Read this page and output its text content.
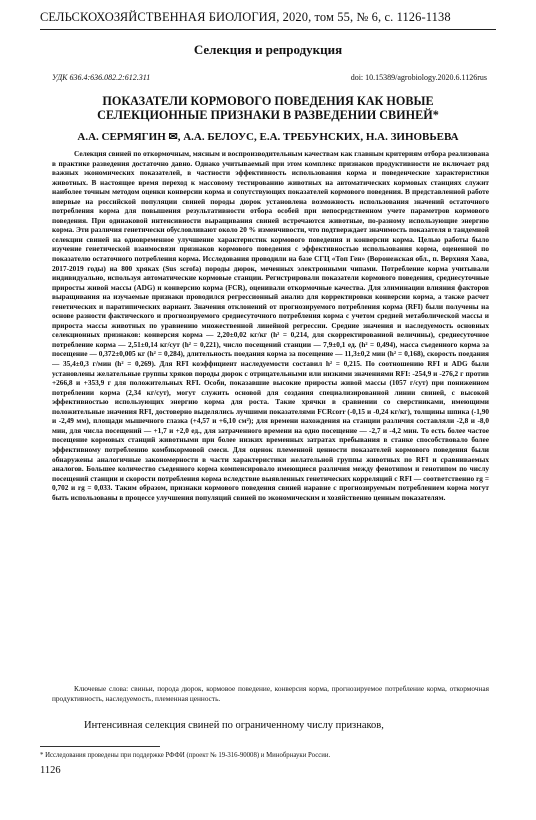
СЕЛЬСКОХОЗЯЙСТВЕННАЯ БИОЛОГИЯ, 2020, том 55, № 6, с. 1126-1138
Селекция и репродукция
УДК 636.4:636.082.2:612.311	doi: 10.15389/agrobiology.2020.6.1126rus
ПОКАЗАТЕЛИ КОРМОВОГО ПОВЕДЕНИЯ КАК НОВЫЕ СЕЛЕКЦИОННЫЕ ПРИЗНАКИ В РАЗВЕДЕНИИ СВИНЕЙ*
А.А. СЕРМЯГИН ✉, А.А. БЕЛОУС, Е.А. ТРЕБУНСКИХ, Н.А. ЗИНОВЬЕВА

Селекция свиней по откормочным, мясным и воспроизводительным качествам как главным критериям отбора реализована в практике разведения достаточно давно. Однако учитываемый при этом комплекс признаков продуктивности не включает ряд важных экономических показателей, в частности эффективность использования корма и поведенческие характеристики животных. В настоящее время переход к массовому тестированию животных на автоматических кормовых станциях служит наиболее точным методом оценки конверсии корма и сопутствующих показателей кормового поведения. В представленной работе впервые на российской популяции свиней породы дюрок установлена возможность использования значений остаточного потребления корма для повышения результативности отбора особей при непосредственном учете параметров кормового поведения. При одинаковой интенсивности выращивания свиней встречаются животные, по-разному использующие энергию корма. Эти различия генетически обусловливают около 20 % изменчивости, что подтверждает значимость показателя в тандемной селекции свиней на одновременное улучшение характеристик кормового поведения и конверсии корма. Целью работы было изучение генетической взаимосвязи признаков кормового поведения с эффективностью использования корма, оцененной по показателю остаточного потребления корма. Исследования проводили на базе СГЦ «Топ Ген» (Воронежская обл., п. Верхняя Хава, 2017-2019 годы) на 800 хряках (Sus scrofa) породы дюрок, меченных электронными чипами. Потребление корма учитывали индивидуально, используя автоматические кормовые станции. Регистрировали показатели кормового поведения, среднесуточные приросты живой массы (ADG) и конверсию корма (FCR), оценивали откормочные качества. Для элиминации влияния факторов выращивания на изучаемые признаки проводился регрессионный анализ для корректировки конверсии корма, а также расчет генетических и паратипических вариант. Значения отклонений от прогнозируемого потребления корма (RFI) были получены на основе разности фактического и прогнозируемого среднесуточного потребления корма с учетом средней метаболической массы и прироста массы животных по уравнению множественной линейной регрессии. Средние значения и наследуемость основных селекционных признаков: конверсия корма — 2,20±0,02 кг/кг (h² = 0,214, для скорректированной величины), среднесуточное потребление корма — 2,51±0,14 кг/сут (h² = 0,221), число посещений станции — 7,9±0,1 ед. (h² = 0,494), масса съеденного корма за посещение — 0,372±0,005 кг (h² = 0,284), длительность поедания корма за посещение — 11,3±0,2 мин (h² = 0,168), скорость поедания — 35,4±0,3 г/мин (h² = 0,269). Для RFI коэффициент наследуемости составил h² = 0,215. По соотношению RFI и ADG были установлены желательные группы хряков породы дюрок с отрицательными или низкими значениями RFI: -254,9 и -276,2 г против +266,8 и +353,9 г для положительных RFI. Особи, показавшие высокие приросты живой массы (1057 г/сут) при пониженном потреблении корма (2,34 кг/сут), могут служить основой для создания специализированной линии свиней, с высокой эффективностью использующих энергию корма для роста. Такие хрячки в сравнении со сверстниками, имеющими положительные значения RFI, достоверно выделялись лучшими показателями FCRcorr (-0,15 и -0,24 кг/кг), толщины шпика (-1,90 и -2,49 мм), площади мышечного глазка (+4,57 и +6,10 см²); для времени нахождения на станции различия составляли -2,8 и -8,0 мин, для числа посещений — +1,7 и +2,0 ед., для затраченного времени на одно посещение — -2,7 и -4,2 мин. То есть более частое посещение кормовых станций животными при более низких временных затратах пребывания в станке способствовало более эффективному потреблению комбикормовой смеси. Для оценок племенной ценности показателей кормового поведения были обнаружены аналогичные закономерности в части характеристики желательной группы животных по RFI и сравниваемых аналогов. Большее количество съеденного корма компенсировало имеющиеся различия между фенотипом и генотипом по числу посещений станции и скорости потребления корма вследствие выявленных генетических корреляций с RFI — соответственно rg = 0,702 и rg = 0,033. Таким образом, признаки кормового поведения свиней наравне с прогнозируемым потреблением корма могут быть использованы в процессе улучшения популяций свиней по экономическим и хозяйственно ценным показателям.

Ключевые слова: свиньи, порода дюрок, кормовое поведение, конверсия корма, прогнозируемое потребление корма, откормочная продуктивность, наследуемость, племенная ценность.

Интенсивная селекция свиней по ограниченному числу признаков,

* Исследования проведены при поддержке РФФИ (проект № 19-316-90008) и Минобрнауки России.
1126
